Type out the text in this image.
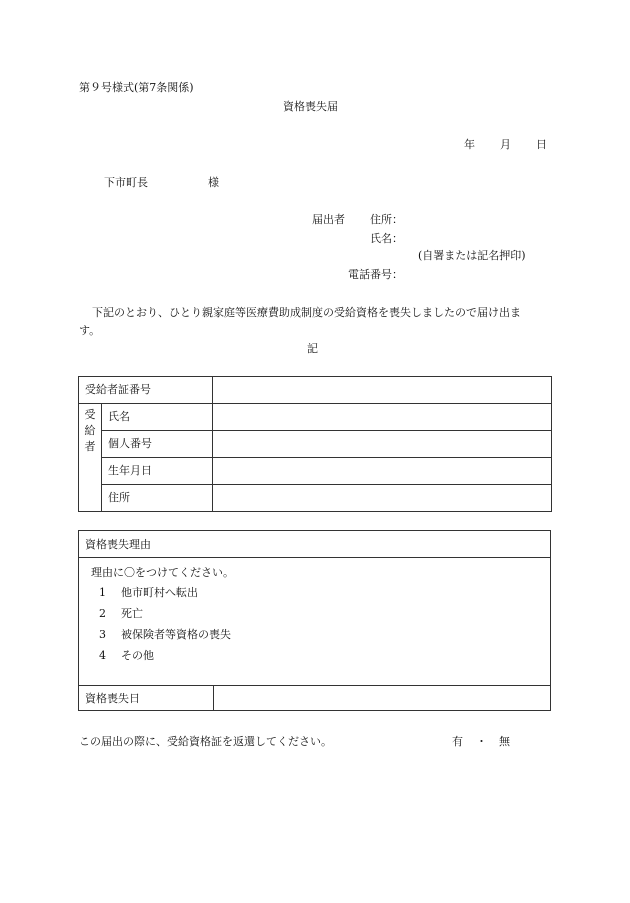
第９号様式(第7条関係)
資格喪失届
年 月 日
下市町長	様
届出者 住所：
氏名：
(自署または記名押印)
電話番号：
下記のとおり、ひとり親家庭等医療費助成制度の受給資格を喪失しましたので届け出ま
す。
記
受給者証番号		

受
給
者	氏名	
	個人番号	
	生年月日	
	住所	
資格喪失理由
理由に〇をつけてください。
1 他市町村へ転出
2 死亡
3 被保険者等資格の喪失
4 その他
資格喪失日
この届出の際に、受給資格証を返還してください。	有 ・ 無
